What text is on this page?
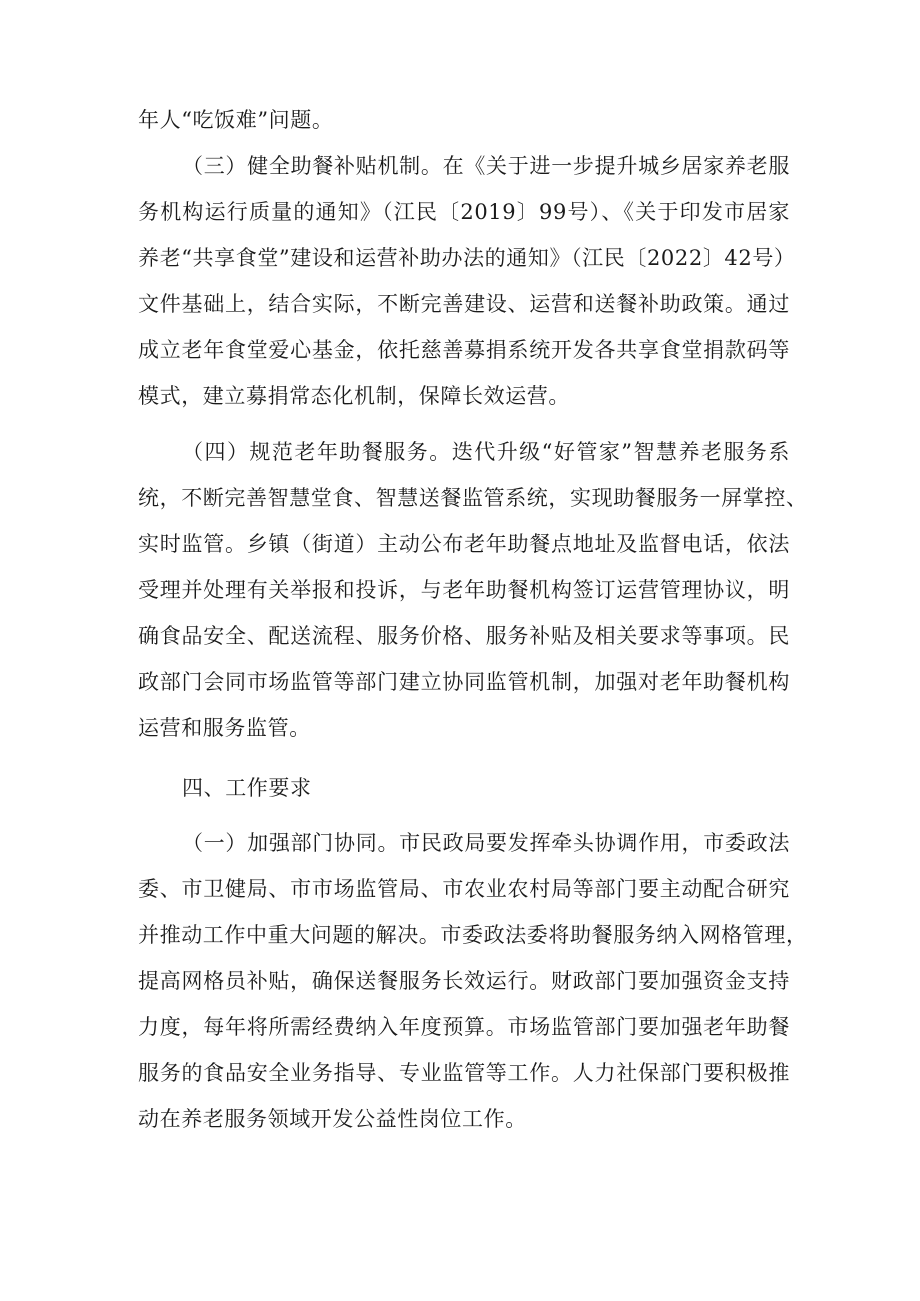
年人“吃饭难”问题。
（三）健全助餐补贴机制。在《关于进一步提升城乡居家养老服
务机构运行质量的通知》（江民〔2019〕99号）、《关于印发市居家
养老“共享食堂”建设和运营补助办法的通知》（江民〔2022〕42号）
文件基础上，结合实际，不断完善建设、运营和送餐补助政策。通过
成立老年食堂爱心基金，依托慈善募捐系统开发各共享食堂捐款码等
模式，建立募捐常态化机制，保障长效运营。
（四）规范老年助餐服务。迭代升级“好管家”智慧养老服务系
统，不断完善智慧堂食、智慧送餐监管系统，实现助餐服务一屏掌控、
实时监管。乡镇（街道）主动公布老年助餐点地址及监督电话，依法
受理并处理有关举报和投诉，与老年助餐机构签订运营管理协议，明
确食品安全、配送流程、服务价格、服务补贴及相关要求等事项。民
政部门会同市场监管等部门建立协同监管机制，加强对老年助餐机构
运营和服务监管。
四、工作要求
（一）加强部门协同。市民政局要发挥牵头协调作用，市委政法
委、市卫健局、市市场监管局、市农业农村局等部门要主动配合研究
并推动工作中重大问题的解决。市委政法委将助餐服务纳入网格管理，
提高网格员补贴，确保送餐服务长效运行。财政部门要加强资金支持
力度，每年将所需经费纳入年度预算。市场监管部门要加强老年助餐
服务的食品安全业务指导、专业监管等工作。人力社保部门要积极推
动在养老服务领域开发公益性岗位工作。
